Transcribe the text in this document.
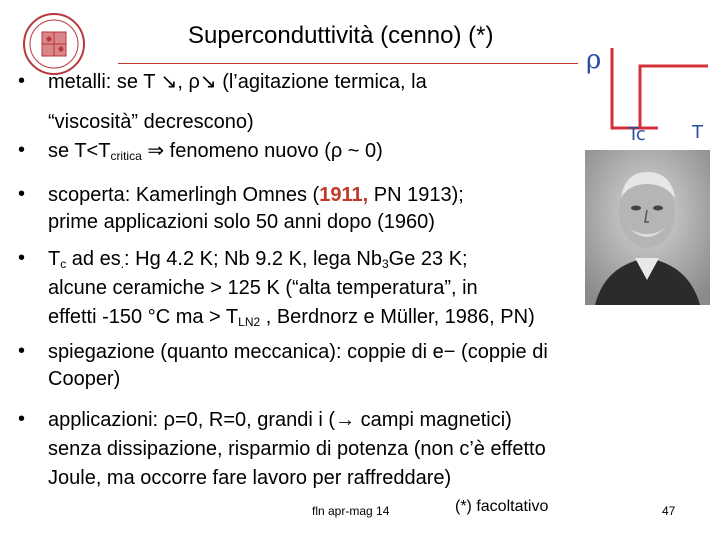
Superconduttività (cenno) (*)
ρ
Tc	T
• metalli: se T ↘, ρ↘ (l’agitazione termica, la
“viscosità” decrescono)
• se $T<T_{critica}$ ⇒ fenomeno nuovo (ρ ~ 0)
• scoperta: Kamerlingh Omnes (1911, PN 1913);
prime applicazioni solo 50 anni dopo (1960)
• $T_c$ ad $es_.$: Hg 4.2 K; Nb 9.2 K, lega $Nb_3Ge$ 23 K;
alcune ceramiche > 125 K (“alta temperatura”, in
effetti -150 °C ma > $T_{LN2}$ , Berdnorz e Müller, 1986, PN)
• spiegazione (quanto meccanica): coppie di e− (coppie di
Cooper)
• applicazioni: ρ=0, R=0, grandi i (→ campi magnetici)
senza dissipazione, risparmio di potenza (non c’è effetto
Joule, ma occorre fare lavoro per raffreddare)
fln apr-mag 14	(*) facoltativo	47
